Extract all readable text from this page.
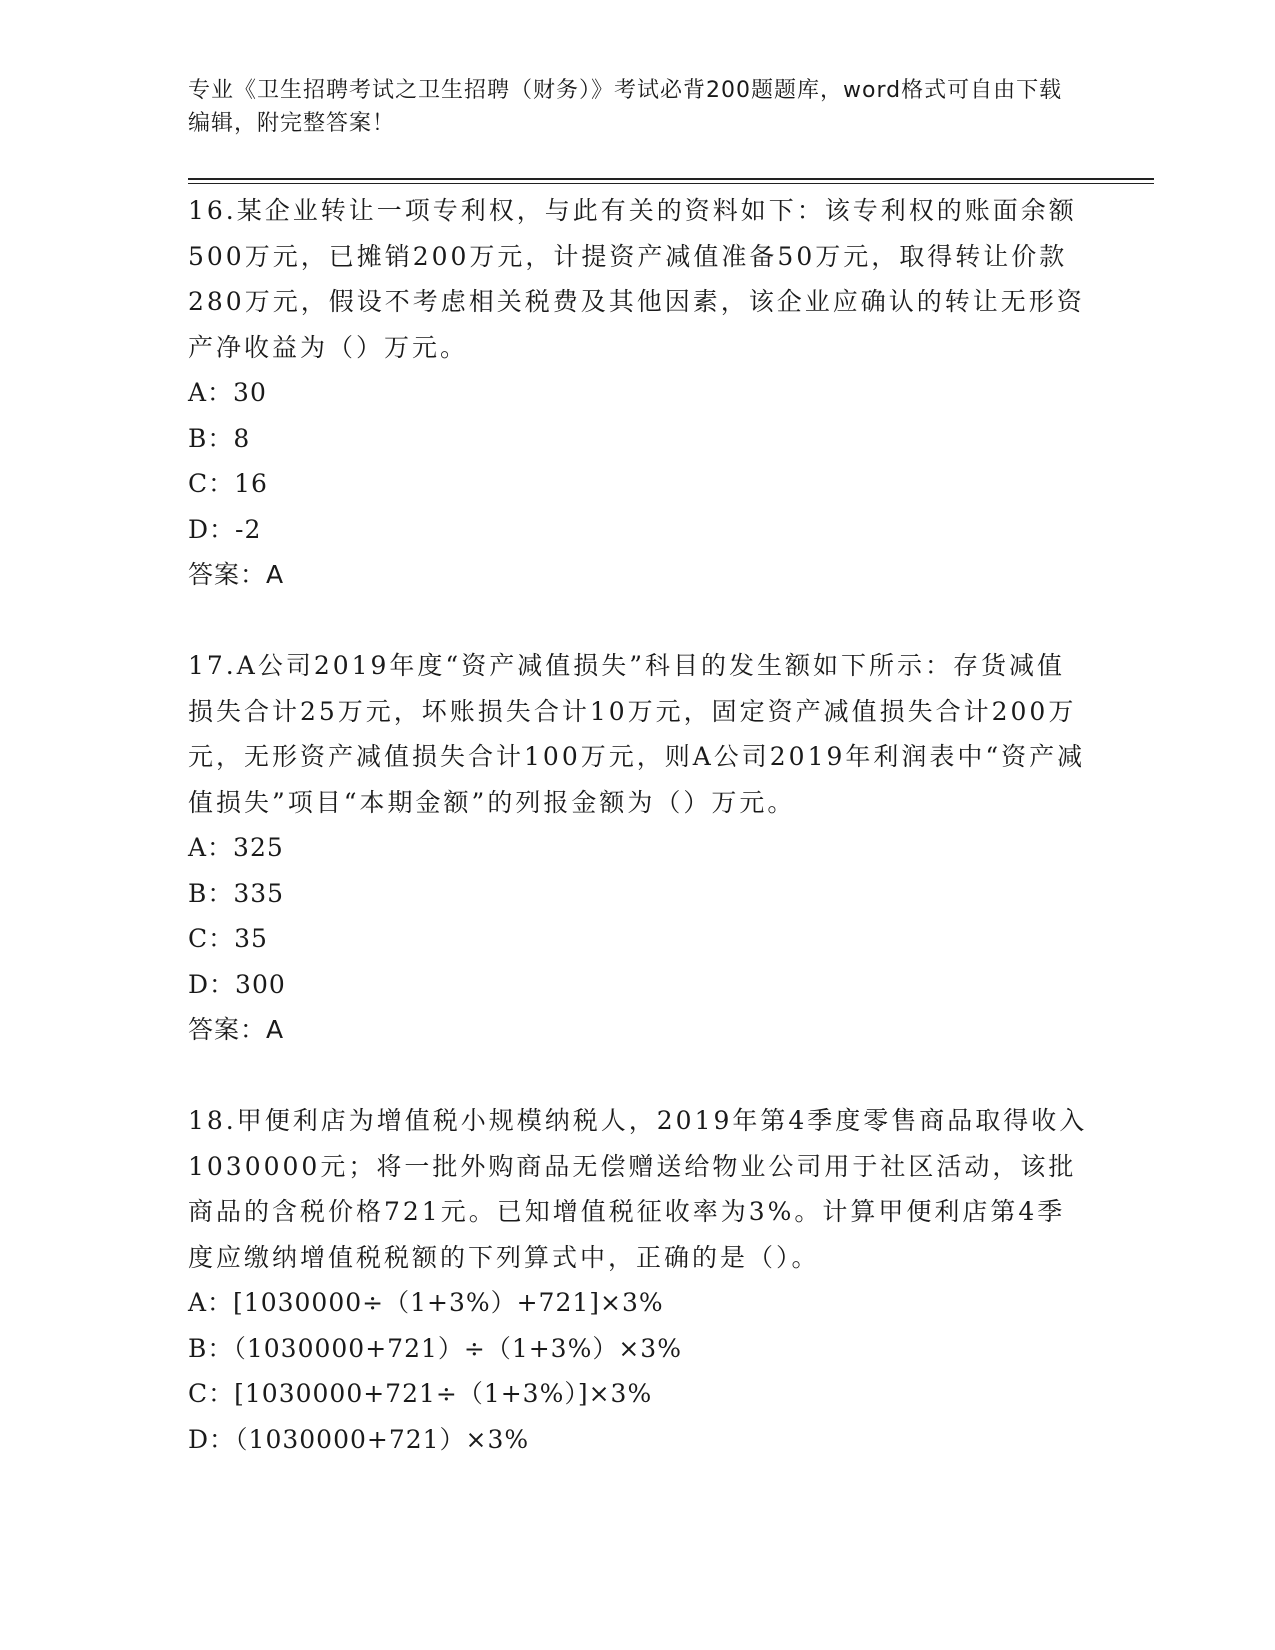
专业《卫生招聘考试之卫生招聘（财务）》考试必背200题题库，word格式可自由下载编辑，附完整答案！

16.某企业转让一项专利权，与此有关的资料如下：该专利权的账面余额500万元，已摊销200万元，计提资产减值准备50万元，取得转让价款280万元，假设不考虑相关税费及其他因素，该企业应确认的转让无形资产净收益为（）万元。

A：30

B：8

C：16

D：-2

答案：A

17.A公司2019年度“资产减值损失”科目的发生额如下所示：存货减值损失合计25万元，坏账损失合计10万元，固定资产减值损失合计200万元，无形资产减值损失合计100万元，则A公司2019年利润表中“资产减值损失”项目“本期金额”的列报金额为（）万元。

A：325

B：335

C：35

D：300

答案：A

18.甲便利店为增值税小规模纳税人，2019年第4季度零售商品取得收入1030000元；将一批外购商品无偿赠送给物业公司用于社区活动，该批商品的含税价格721元。已知增值税征收率为3%。计算甲便利店第4季度应缴纳增值税税额的下列算式中，正确的是（）。

A：[1030000÷（1+3%）+721]×3%

B：（1030000+721）÷（1+3%）×3%

C：[1030000+721÷（1+3%）]×3%

D：（1030000+721）×3%
